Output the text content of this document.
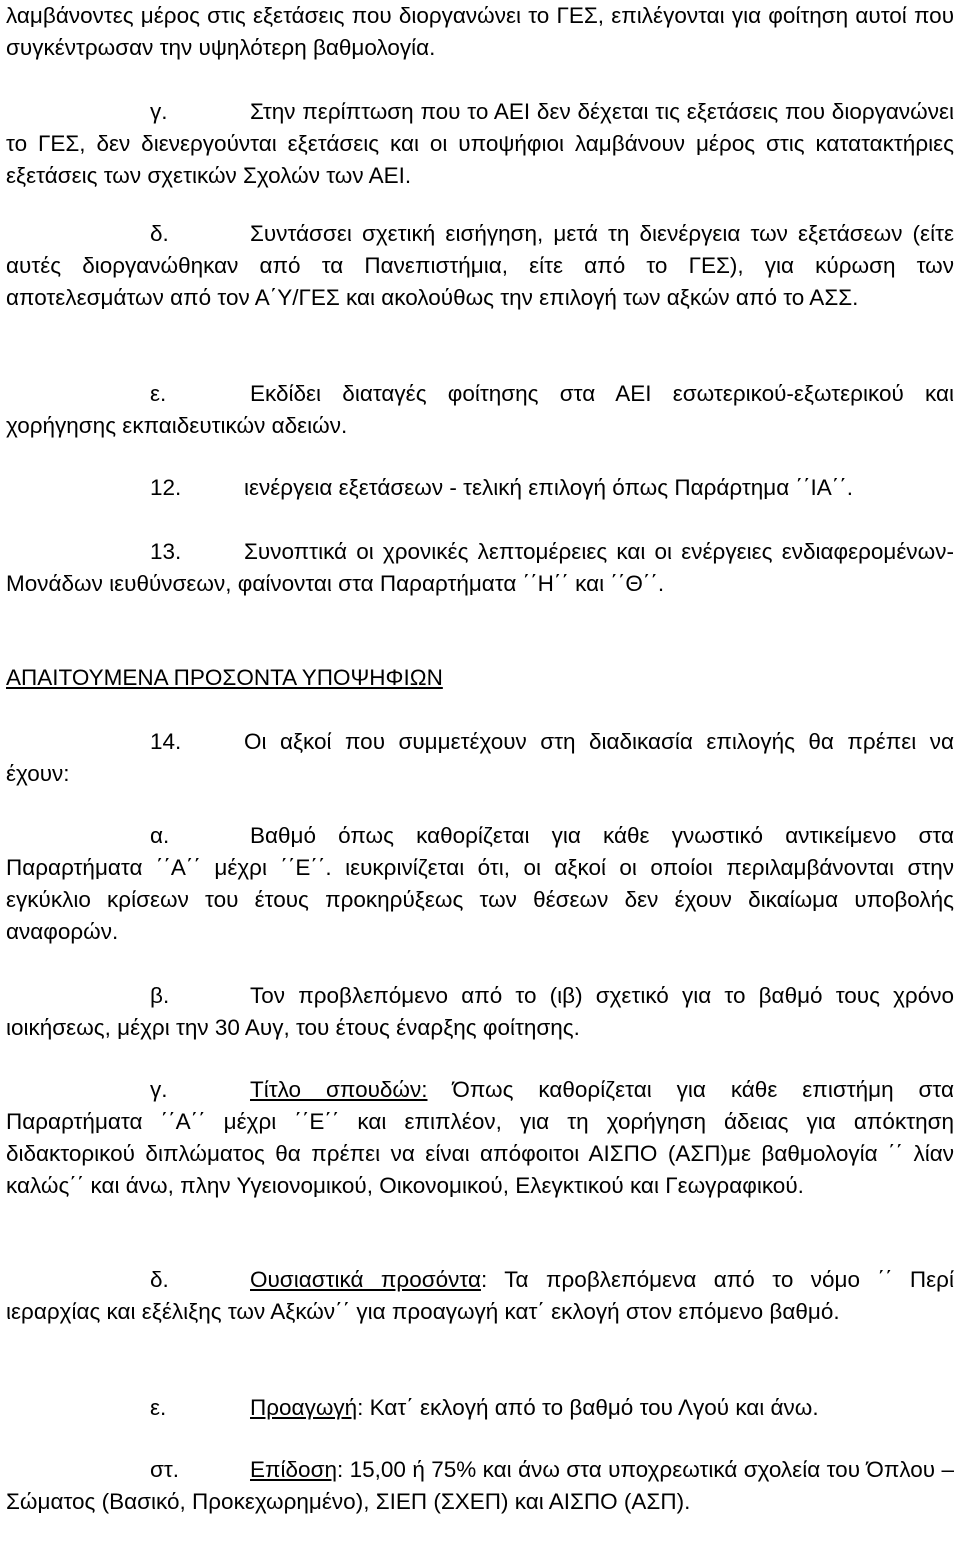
λαμβάνοντες μέρος στις εξετάσεις που διοργανώνει το ΓΕΣ, επιλέγονται για φοίτηση αυτοί που συγκέντρωσαν την υψηλότερη βαθμολογία.

γ.	Στην περίπτωση που το ΑΕΙ δεν δέχεται τις εξετάσεις που διοργανώνει το ΓΕΣ, δεν διενεργούνται εξετάσεις και οι υποψήφιοι λαμβάνουν μέρος στις κατατακτήριες εξετάσεις των σχετικών Σχολών των ΑΕΙ.

δ.	Συντάσσει σχετική εισήγηση, μετά τη διενέργεια των εξετάσεων (είτε αυτές διοργανώθηκαν από τα Πανεπιστήμια, είτε από το ΓΕΣ), για κύρωση των αποτελεσμάτων από τον Α΄Υ/ΓΕΣ και ακολούθως την επιλογή των αξκών από το ΑΣΣ.

ε.	Εκδίδει διαταγές φοίτησης στα ΑΕΙ εσωτερικού-εξωτερικού και χορήγησης εκπαιδευτικών αδειών.

12.	ιενέργεια εξετάσεων - τελική επιλογή όπως Παράρτημα ΄΄ΙΑ΄΄.

13.	Συνοπτικά οι χρονικές λεπτομέρειες και οι ενέργειες ενδιαφερομένων- Μονάδων ιευθύνσεων, φαίνονται στα Παραρτήματα ΄΄Η΄΄ και ΄΄Θ΄΄.

ΑΠΑΙΤΟΥΜΕΝΑ ΠΡΟΣΟΝΤΑ ΥΠΟΨΗΦΙΩΝ

14.	Οι αξκοί που συμμετέχουν στη διαδικασία επιλογής θα πρέπει να έχουν:

α.	Βαθμό όπως καθορίζεται για κάθε γνωστικό αντικείμενο στα Παραρτήματα ΄΄Α΄΄ μέχρι ΄΄Ε΄΄. ιευκρινίζεται ότι, οι αξκοί οι οποίοι περιλαμβάνονται στην εγκύκλιο κρίσεων του έτους προκηρύξεως των θέσεων δεν έχουν δικαίωμα υποβολής αναφορών.

β.	Τον προβλεπόμενο από το (ιβ) σχετικό για το βαθμό τους χρόνο ιοικήσεως, μέχρι την 30 Αυγ, του έτους έναρξης φοίτησης.

γ.	Τίτλο σπουδών: Όπως καθορίζεται για κάθε επιστήμη στα Παραρτήματα ΄΄Α΄΄ μέχρι ΄΄Ε΄΄ και επιπλέον, για τη χορήγηση άδειας για απόκτηση διδακτορικού διπλώματος θα πρέπει να είναι απόφοιτοι ΑΙΣΠΟ (ΑΣΠ)με βαθμολογία ΄΄ λίαν καλώς΄΄ και άνω, πλην Υγειονομικού, Οικονομικού, Ελεγκτικού και Γεωγραφικού.

δ.	Ουσιαστικά προσόντα: Τα προβλεπόμενα από το νόμο ΄΄ Περί ιεραρχίας και εξέλιξης των Αξκών΄΄ για προαγωγή κατ΄ εκλογή στον επόμενο βαθμό.

ε.	Προαγωγή: Κατ΄ εκλογή από το βαθμό του Λγού και άνω.

στ.	Επίδοση: 15,00 ή 75% και άνω στα υποχρεωτικά σχολεία του Όπλου – Σώματος (Βασικό, Προκεχωρημένο), ΣΙΕΠ (ΣΧΕΠ) και ΑΙΣΠΟ (ΑΣΠ).
